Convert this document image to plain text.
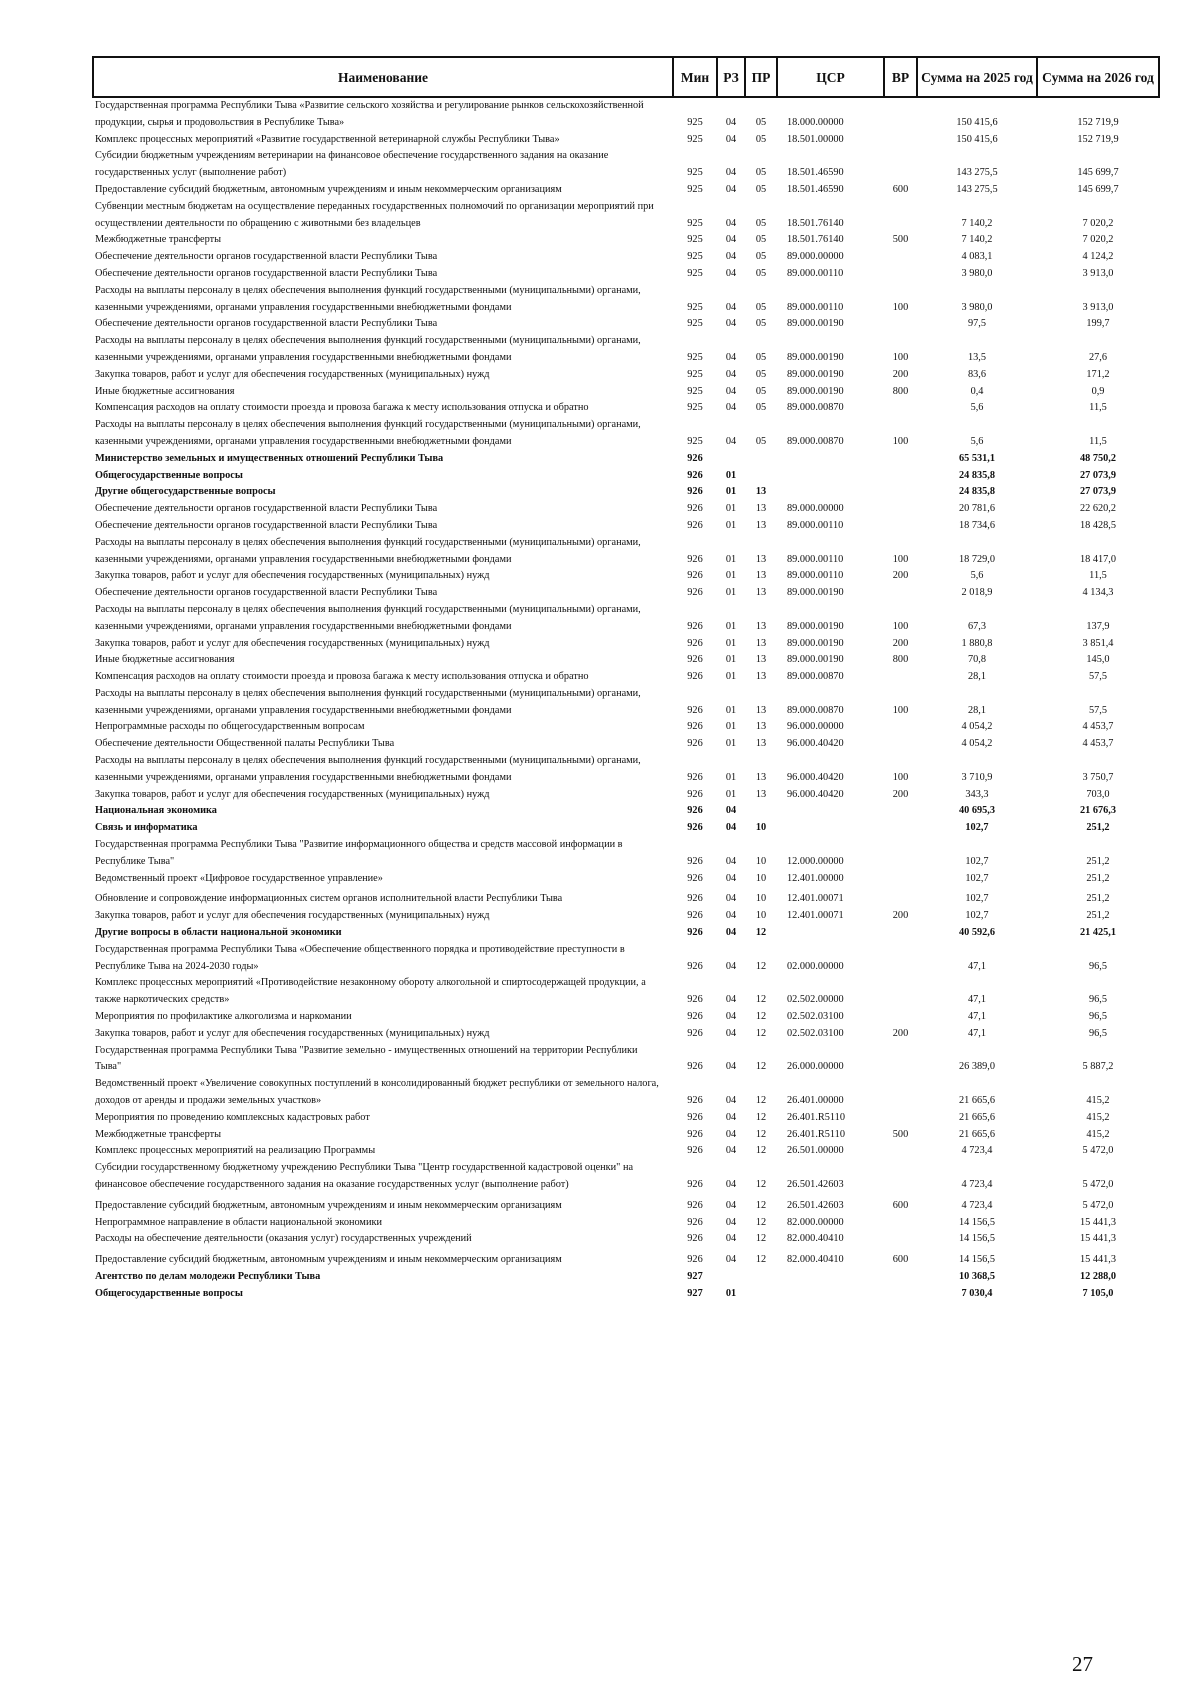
Наименование	Мин	РЗ	ПР	ЦСР	ВР	Сумма на 2025 год	Сумма на 2026 год
Государственная программа Республики Тыва «Развитие сельского хозяйства и регулирование рынков сельскохозяйственной продукции, сырья и продовольствия в Республике Тыва»	925	04	05	18.000.00000		150 415,6	152 719,9
Комплекс процессных мероприятий «Развитие государственной ветеринарной службы Республики Тыва»	925	04	05	18.501.00000		150 415,6	152 719,9
Субсидии бюджетным учреждениям ветеринарии на финансовое обеспечение государственного задания на оказание государственных услуг (выполнение работ)	925	04	05	18.501.46590		143 275,5	145 699,7
Предоставление субсидий бюджетным, автономным учреждениям и иным некоммерческим организациям	925	04	05	18.501.46590	600	143 275,5	145 699,7
Субвенции местным бюджетам на осуществление переданных государственных полномочий по организации мероприятий при осуществлении деятельности по обращению с животными без владельцев	925	04	05	18.501.76140		7 140,2	7 020,2
Межбюджетные трансферты	925	04	05	18.501.76140	500	7 140,2	7 020,2
Обеспечение деятельности органов государственной власти Республики Тыва	925	04	05	89.000.00000		4 083,1	4 124,2
Обеспечение деятельности органов государственной власти Республики Тыва	925	04	05	89.000.00110		3 980,0	3 913,0
Расходы на выплаты персоналу в целях обеспечения выполнения функций государственными (муниципальными) органами, казенными учреждениями, органами управления государственными внебюджетными фондами	925	04	05	89.000.00110	100	3 980,0	3 913,0
Обеспечение деятельности органов государственной власти Республики Тыва	925	04	05	89.000.00190		97,5	199,7
Расходы на выплаты персоналу в целях обеспечения выполнения функций государственными (муниципальными) органами, казенными учреждениями, органами управления государственными внебюджетными фондами	925	04	05	89.000.00190	100	13,5	27,6
Закупка товаров, работ и услуг для обеспечения государственных (муниципальных) нужд	925	04	05	89.000.00190	200	83,6	171,2
Иные бюджетные ассигнования	925	04	05	89.000.00190	800	0,4	0,9
Компенсация расходов на оплату стоимости проезда и провоза багажа к месту использования отпуска и обратно	925	04	05	89.000.00870		5,6	11,5
Расходы на выплаты персоналу в целях обеспечения выполнения функций государственными (муниципальными) органами, казенными учреждениями, органами управления государственными внебюджетными фондами	925	04	05	89.000.00870	100	5,6	11,5
Министерство земельных и имущественных отношений Республики Тыва	926					65 531,1	48 750,2
Общегосударственные вопросы	926	01				24 835,8	27 073,9
Другие общегосударственные вопросы	926	01	13			24 835,8	27 073,9
Обеспечение деятельности органов государственной власти Республики Тыва	926	01	13	89.000.00000		20 781,6	22 620,2
Обеспечение деятельности органов государственной власти Республики Тыва	926	01	13	89.000.00110		18 734,6	18 428,5
Расходы на выплаты персоналу в целях обеспечения выполнения функций государственными (муниципальными) органами, казенными учреждениями, органами управления государственными внебюджетными фондами	926	01	13	89.000.00110	100	18 729,0	18 417,0
Закупка товаров, работ и услуг для обеспечения государственных (муниципальных) нужд	926	01	13	89.000.00110	200	5,6	11,5
Обеспечение деятельности органов государственной власти Республики Тыва	926	01	13	89.000.00190		2 018,9	4 134,3
Расходы на выплаты персоналу в целях обеспечения выполнения функций государственными (муниципальными) органами, казенными учреждениями, органами управления государственными внебюджетными фондами	926	01	13	89.000.00190	100	67,3	137,9
Закупка товаров, работ и услуг для обеспечения государственных (муниципальных) нужд	926	01	13	89.000.00190	200	1 880,8	3 851,4
Иные бюджетные ассигнования	926	01	13	89.000.00190	800	70,8	145,0
Компенсация расходов на оплату стоимости проезда и провоза багажа к месту использования отпуска и обратно	926	01	13	89.000.00870		28,1	57,5
Расходы на выплаты персоналу в целях обеспечения выполнения функций государственными (муниципальными) органами, казенными учреждениями, органами управления государственными внебюджетными фондами	926	01	13	89.000.00870	100	28,1	57,5
Непрограммные расходы по общегосударственным вопросам	926	01	13	96.000.00000		4 054,2	4 453,7
Обеспечение деятельности Общественной палаты Республики Тыва	926	01	13	96.000.40420		4 054,2	4 453,7
Расходы на выплаты персоналу в целях обеспечения выполнения функций государственными (муниципальными) органами, казенными учреждениями, органами управления государственными внебюджетными фондами	926	01	13	96.000.40420	100	3 710,9	3 750,7
Закупка товаров, работ и услуг для обеспечения государственных (муниципальных) нужд	926	01	13	96.000.40420	200	343,3	703,0
Национальная экономика	926	04				40 695,3	21 676,3
Связь и информатика	926	04	10			102,7	251,2
Государственная программа Республики Тыва "Развитие информационного общества и средств массовой информации в Республике Тыва"	926	04	10	12.000.00000		102,7	251,2
Ведомственный проект «Цифровое государственное управление»	926	04	10	12.401.00000		102,7	251,2
Обновление и сопровождение информационных систем органов исполнительной власти Республики Тыва	926	04	10	12.401.00071		102,7	251,2
Закупка товаров, работ и услуг для обеспечения государственных (муниципальных) нужд	926	04	10	12.401.00071	200	102,7	251,2
Другие вопросы в области национальной экономики	926	04	12			40 592,6	21 425,1
Государственная программа Республики Тыва «Обеспечение общественного порядка и противодействие преступности в Республике Тыва на 2024-2030 годы»	926	04	12	02.000.00000		47,1	96,5
Комплекс процессных мероприятий «Противодействие незаконному обороту алкогольной и спиртосодержащей продукции, а также наркотических средств»	926	04	12	02.502.00000		47,1	96,5
Мероприятия по профилактике алкоголизма и наркомании	926	04	12	02.502.03100		47,1	96,5
Закупка товаров, работ и услуг для обеспечения государственных (муниципальных) нужд	926	04	12	02.502.03100	200	47,1	96,5
Государственная программа Республики Тыва "Развитие земельно - имущественных отношений на территории Республики Тыва"	926	04	12	26.000.00000		26 389,0	5 887,2
Ведомственный проект «Увеличение совокупных поступлений в консолидированный бюджет республики от земельного налога, доходов от аренды и продажи земельных участков»	926	04	12	26.401.00000		21 665,6	415,2
Мероприятия по проведению комплексных кадастровых работ	926	04	12	26.401.R5110		21 665,6	415,2
Межбюджетные трансферты	926	04	12	26.401.R5110	500	21 665,6	415,2
Комплекс процессных мероприятий на реализацию Программы	926	04	12	26.501.00000		4 723,4	5 472,0
Субсидии государственному бюджетному учреждению Республики Тыва "Центр государственной кадастровой оценки" на финансовое обеспечение государственного задания на оказание государственных услуг (выполнение работ)	926	04	12	26.501.42603		4 723,4	5 472,0
Предоставление субсидий бюджетным, автономным учреждениям и иным некоммерческим организациям	926	04	12	26.501.42603	600	4 723,4	5 472,0
Непрограммное направление в области национальной экономики	926	04	12	82.000.00000		14 156,5	15 441,3
Расходы на обеспечение деятельности (оказания услуг) государственных учреждений	926	04	12	82.000.40410		14 156,5	15 441,3
Предоставление субсидий бюджетным, автономным учреждениям и иным некоммерческим организациям	926	04	12	82.000.40410	600	14 156,5	15 441,3
Агентство по делам молодежи Республики Тыва	927					10 368,5	12 288,0
Общегосударственные вопросы	927	01				7 030,4	7 105,0
27
